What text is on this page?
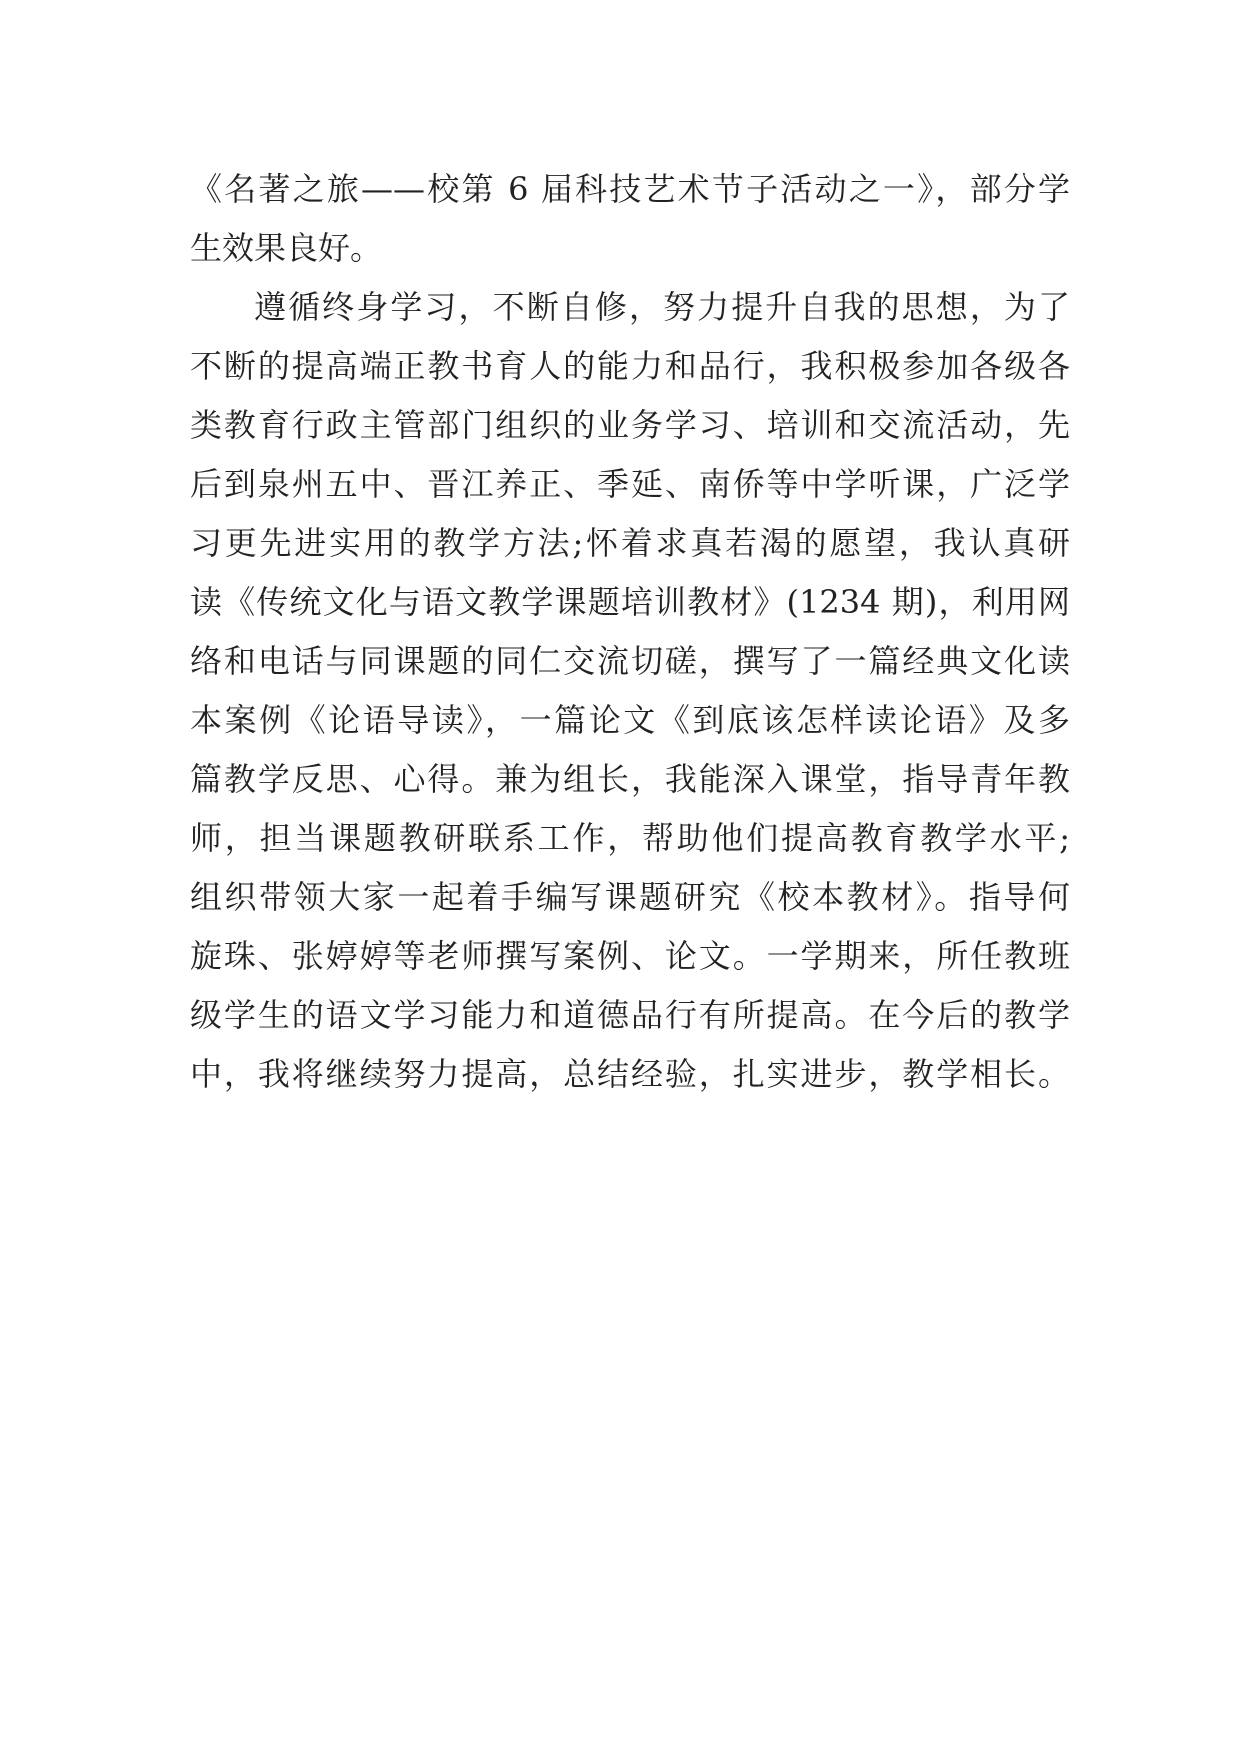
《名著之旅——校第 6 届科技艺术节子活动之一》，部分学
生效果良好。
遵循终身学习，不断自修，努力提升自我的思想，为了
不断的提高端正教书育人的能力和品行，我积极参加各级各
类教育行政主管部门组织的业务学习、培训和交流活动，先
后到泉州五中、晋江养正、季延、南侨等中学听课，广泛学
习更先进实用的教学方法;怀着求真若渴的愿望，我认真研
读《传统文化与语文教学课题培训教材》(1234 期)，利用网
络和电话与同课题的同仁交流切磋，撰写了一篇经典文化读
本案例《论语导读》，一篇论文《到底该怎样读论语》及多
篇教学反思、心得。兼为组长，我能深入课堂，指导青年教
师，担当课题教研联系工作，帮助他们提高教育教学水平;
组织带领大家一起着手编写课题研究《校本教材》。指导何
旋珠、张婷婷等老师撰写案例、论文。一学期来，所任教班
级学生的语文学习能力和道德品行有所提高。在今后的教学
中，我将继续努力提高，总结经验，扎实进步，教学相长。
